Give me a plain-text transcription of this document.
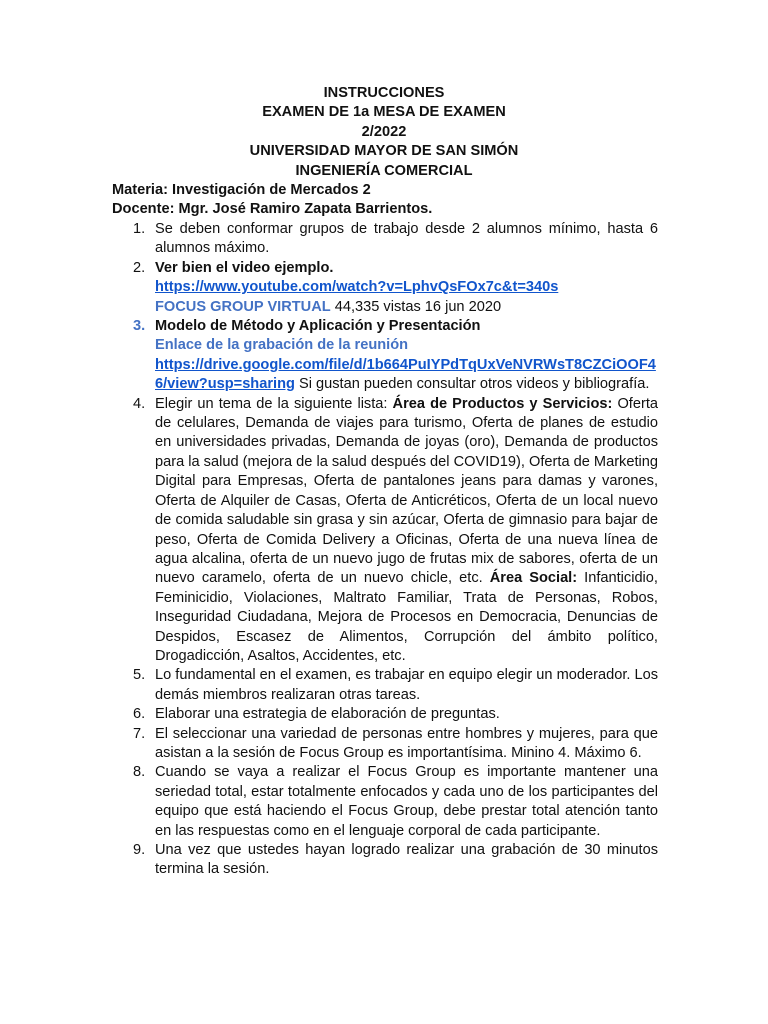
INSTRUCCIONES
EXAMEN DE 1a MESA DE EXAMEN
2/2022
UNIVERSIDAD MAYOR DE SAN SIMÓN
INGENIERÍA COMERCIAL
Materia: Investigación de Mercados 2
Docente: Mgr. José Ramiro Zapata Barrientos.
1. Se deben conformar grupos de trabajo desde 2 alumnos mínimo, hasta 6 alumnos máximo.
2. Ver bien el video ejemplo.
https://www.youtube.com/watch?v=LphvQsFOx7c&t=340s
FOCUS GROUP VIRTUAL 44,335 vistas 16 jun 2020
3. Modelo de Método y Aplicación y Presentación
Enlace de la grabación de la reunión
https://drive.google.com/file/d/1b664PuIYPdTqUxVeNVRWsT8CZCiOOF46/view?usp=sharing Si gustan pueden consultar otros videos y bibliografía.
4. Elegir un tema de la siguiente lista: Área de Productos y Servicios: Oferta de celulares, Demanda de viajes para turismo, Oferta de planes de estudio en universidades privadas, Demanda de joyas (oro), Demanda de productos para la salud (mejora de la salud después del COVID19), Oferta de Marketing Digital para Empresas, Oferta de pantalones jeans para damas y varones, Oferta de Alquiler de Casas, Oferta de Anticréticos, Oferta de un local nuevo de comida saludable sin grasa y sin azúcar, Oferta de gimnasio para bajar de peso, Oferta de Comida Delivery a Oficinas, Oferta de una nueva línea de agua alcalina, oferta de un nuevo jugo de frutas mix de sabores, oferta de un nuevo caramelo, oferta de un nuevo chicle, etc. Área Social: Infanticidio, Feminicidio, Violaciones, Maltrato Familiar, Trata de Personas, Robos, Inseguridad Ciudadana, Mejora de Procesos en Democracia, Denuncias de Despidos, Escasez de Alimentos, Corrupción del ámbito político, Drogadicción, Asaltos, Accidentes, etc.
5. Lo fundamental en el examen, es trabajar en equipo elegir un moderador. Los demás miembros realizaran otras tareas.
6. Elaborar una estrategia de elaboración de preguntas.
7. El seleccionar una variedad de personas entre hombres y mujeres, para que asistan a la sesión de Focus Group es importantísima. Minino 4. Máximo 6.
8. Cuando se vaya a realizar el Focus Group es importante mantener una seriedad total, estar totalmente enfocados y cada uno de los participantes del equipo que está haciendo el Focus Group, debe prestar total atención tanto en las respuestas como en el lenguaje corporal de cada participante.
9. Una vez que ustedes hayan logrado realizar una grabación de 30 minutos termina la sesión.
